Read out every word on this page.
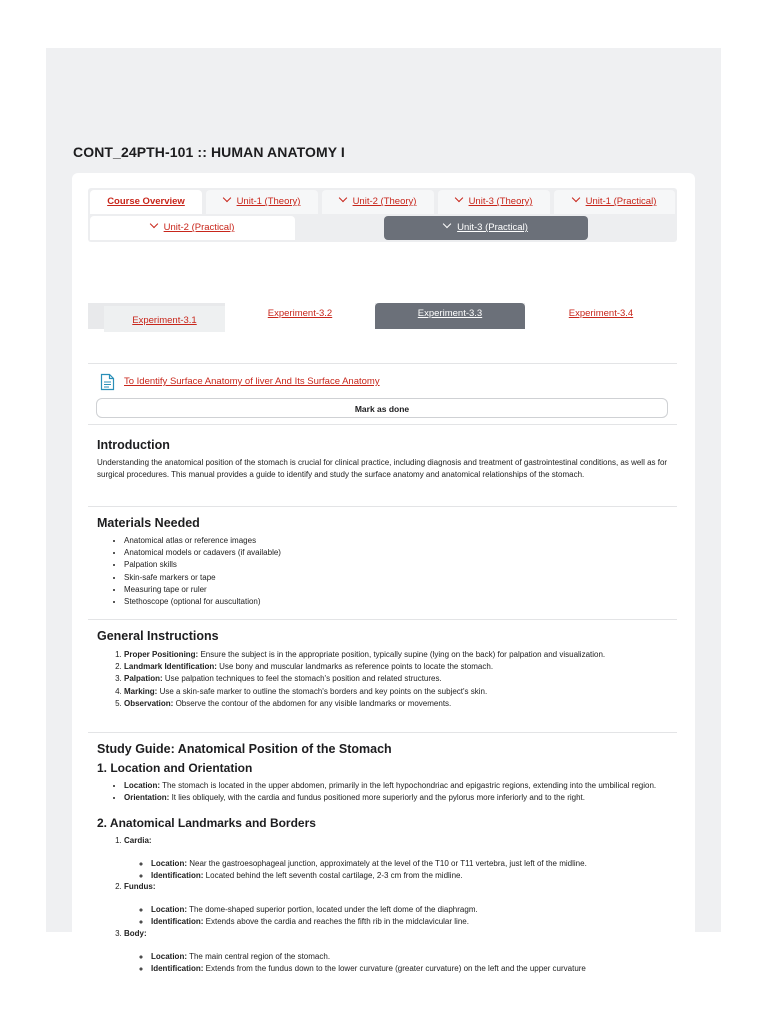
CONT_24PTH-101 :: HUMAN ANATOMY I
Course Overview	Unit-1 (Theory)	Unit-2 (Theory)	Unit-3 (Theory)	Unit-1 (Practical)
Unit-2 (Practical)	Unit-3 (Practical)
Experiment-3.1
Experiment-3.2	Experiment-3.3	Experiment-3.4
To Identify Surface Anatomy of liver And Its Surface Anatomy
Mark as done
Introduction

Understanding the anatomical position of the stomach is crucial for clinical practice, including diagnosis and treatment of gastrointestinal conditions, as well as for surgical procedures. This manual provides a guide to identify and study the surface anatomy and anatomical relationships of the stomach.

Materials Needed
• Anatomical atlas or reference images
• Anatomical models or cadavers (if available)
• Palpation skills
• Skin-safe markers or tape
• Measuring tape or ruler
• Stethoscope (optional for auscultation)
General Instructions
1. Proper Positioning: Ensure the subject is in the appropriate position, typically supine (lying on the back) for palpation and visualization.
2. Landmark Identification: Use bony and muscular landmarks as reference points to locate the stomach.
3. Palpation: Use palpation techniques to feel the stomach's position and related structures.
4. Marking: Use a skin-safe marker to outline the stomach's borders and key points on the subject's skin.
5. Observation: Observe the contour of the abdomen for any visible landmarks or movements.
Study Guide: Anatomical Position of the Stomach
1. Location and Orientation
• Location: The stomach is located in the upper abdomen, primarily in the left hypochondriac and epigastric regions, extending into the umbilical region.
• Orientation: It lies obliquely, with the cardia and fundus positioned more superiorly and the pylorus more inferiorly and to the right.
2. Anatomical Landmarks and Borders
1. Cardia:
◦ Location: Near the gastroesophageal junction, approximately at the level of the T10 or T11 vertebra, just left of the midline.
◦ Identification: Located behind the left seventh costal cartilage, 2-3 cm from the midline.
2. Fundus:
◦ Location: The dome-shaped superior portion, located under the left dome of the diaphragm.
◦ Identification: Extends above the cardia and reaches the fifth rib in the midclavicular line.
3. Body:
◦ Location: The main central region of the stomach.
◦ Identification: Extends from the fundus down to the lower curvature (greater curvature) on the left and the upper curvature
